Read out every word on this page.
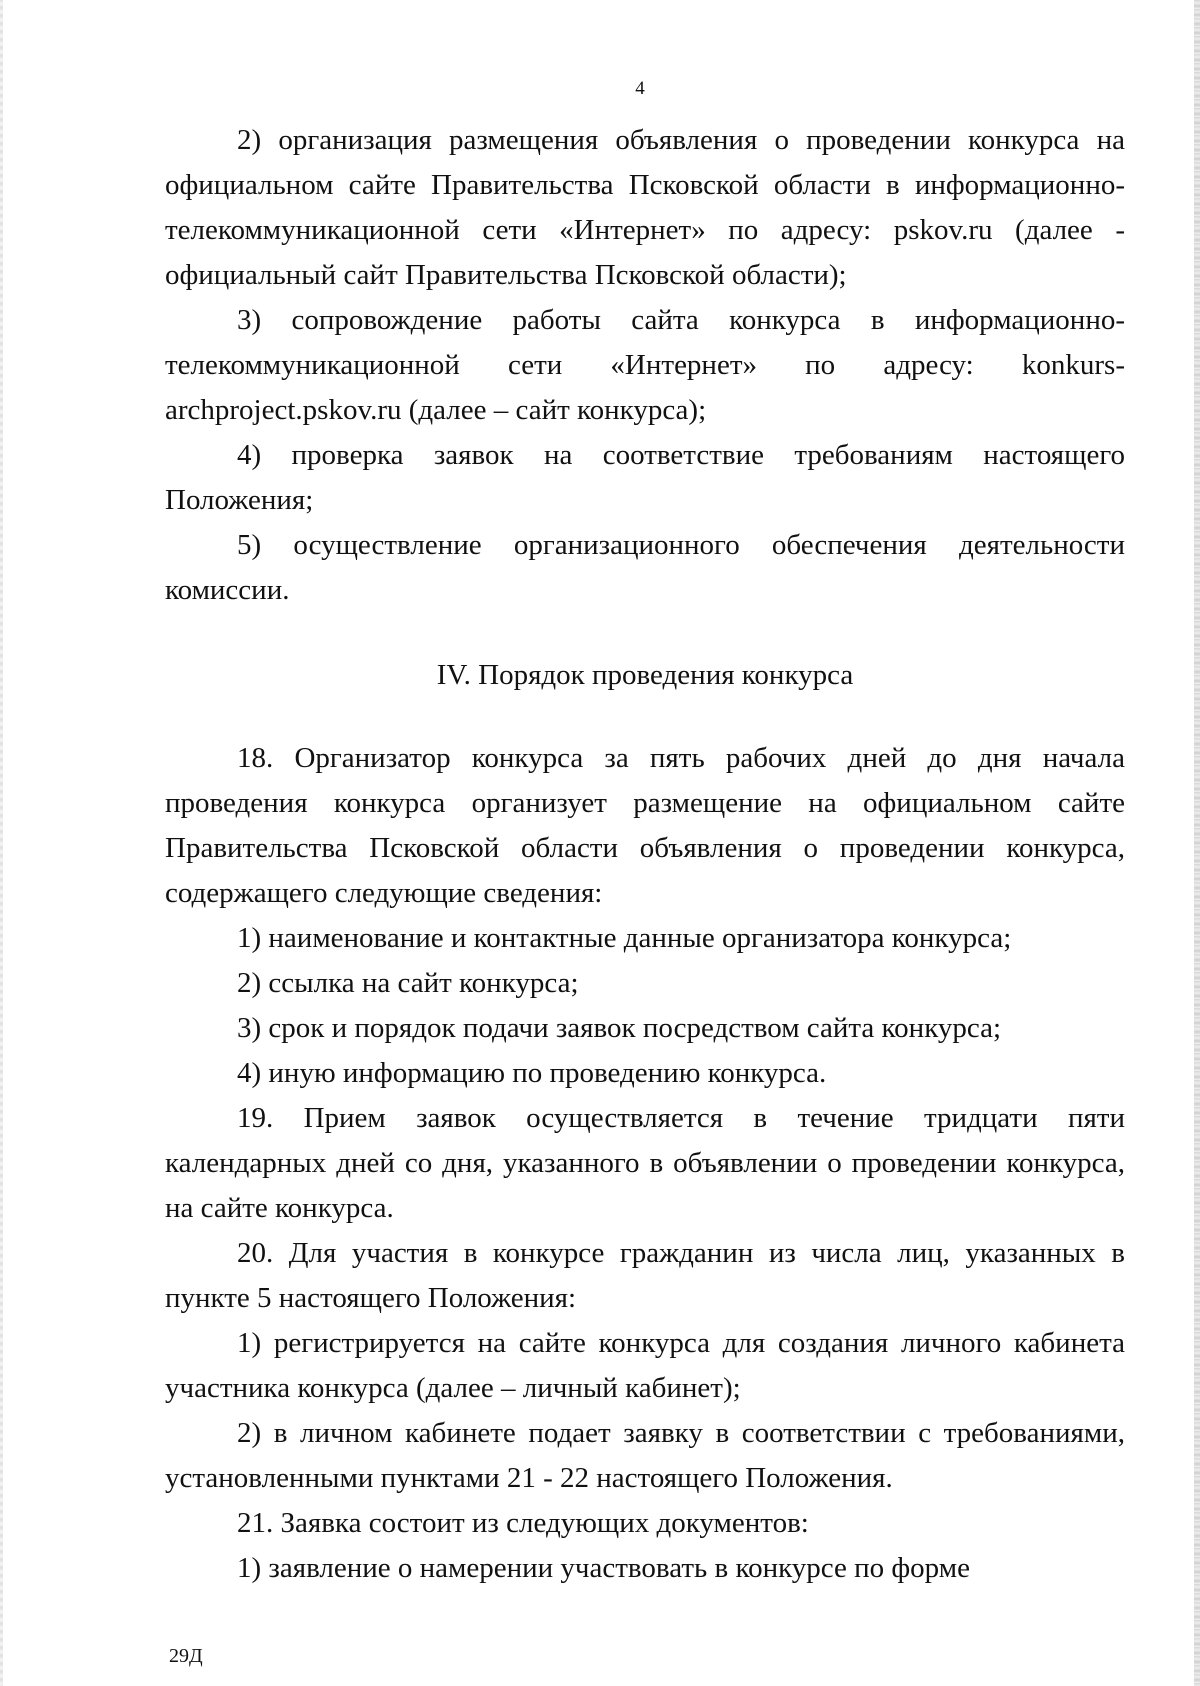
4

2) организация размещения объявления о проведении конкурса на официальном сайте Правительства Псковской области в информационно-телекоммуникационной сети «Интернет» по адресу: pskov.ru (далее - официальный сайт Правительства Псковской области);

3) сопровождение работы сайта конкурса в информационно-телекоммуникационной сети «Интернет» по адресу: konkurs-archproject.pskov.ru (далее – сайт конкурса);

4) проверка заявок на соответствие требованиям настоящего Положения;

5) осуществление организационного обеспечения деятельности комиссии.

IV. Порядок проведения конкурса

18. Организатор конкурса за пять рабочих дней до дня начала проведения конкурса организует размещение на официальном сайте Правительства Псковской области объявления о проведении конкурса, содержащего следующие сведения:

1) наименование и контактные данные организатора конкурса;

2) ссылка на сайт конкурса;

3) срок и порядок подачи заявок посредством сайта конкурса;

4) иную информацию по проведению конкурса.

19. Прием заявок осуществляется в течение тридцати пяти календарных дней со дня, указанного в объявлении о проведении конкурса, на сайте конкурса.

20. Для участия в конкурсе гражданин из числа лиц, указанных в пункте 5 настоящего Положения:

1) регистрируется на сайте конкурса для создания личного кабинета участника конкурса (далее – личный кабинет);

2) в личном кабинете подает заявку в соответствии с требованиями, установленными пунктами 21 - 22 настоящего Положения.

21. Заявка состоит из следующих документов:

1) заявление о намерении участвовать в конкурсе по форме

29Д
